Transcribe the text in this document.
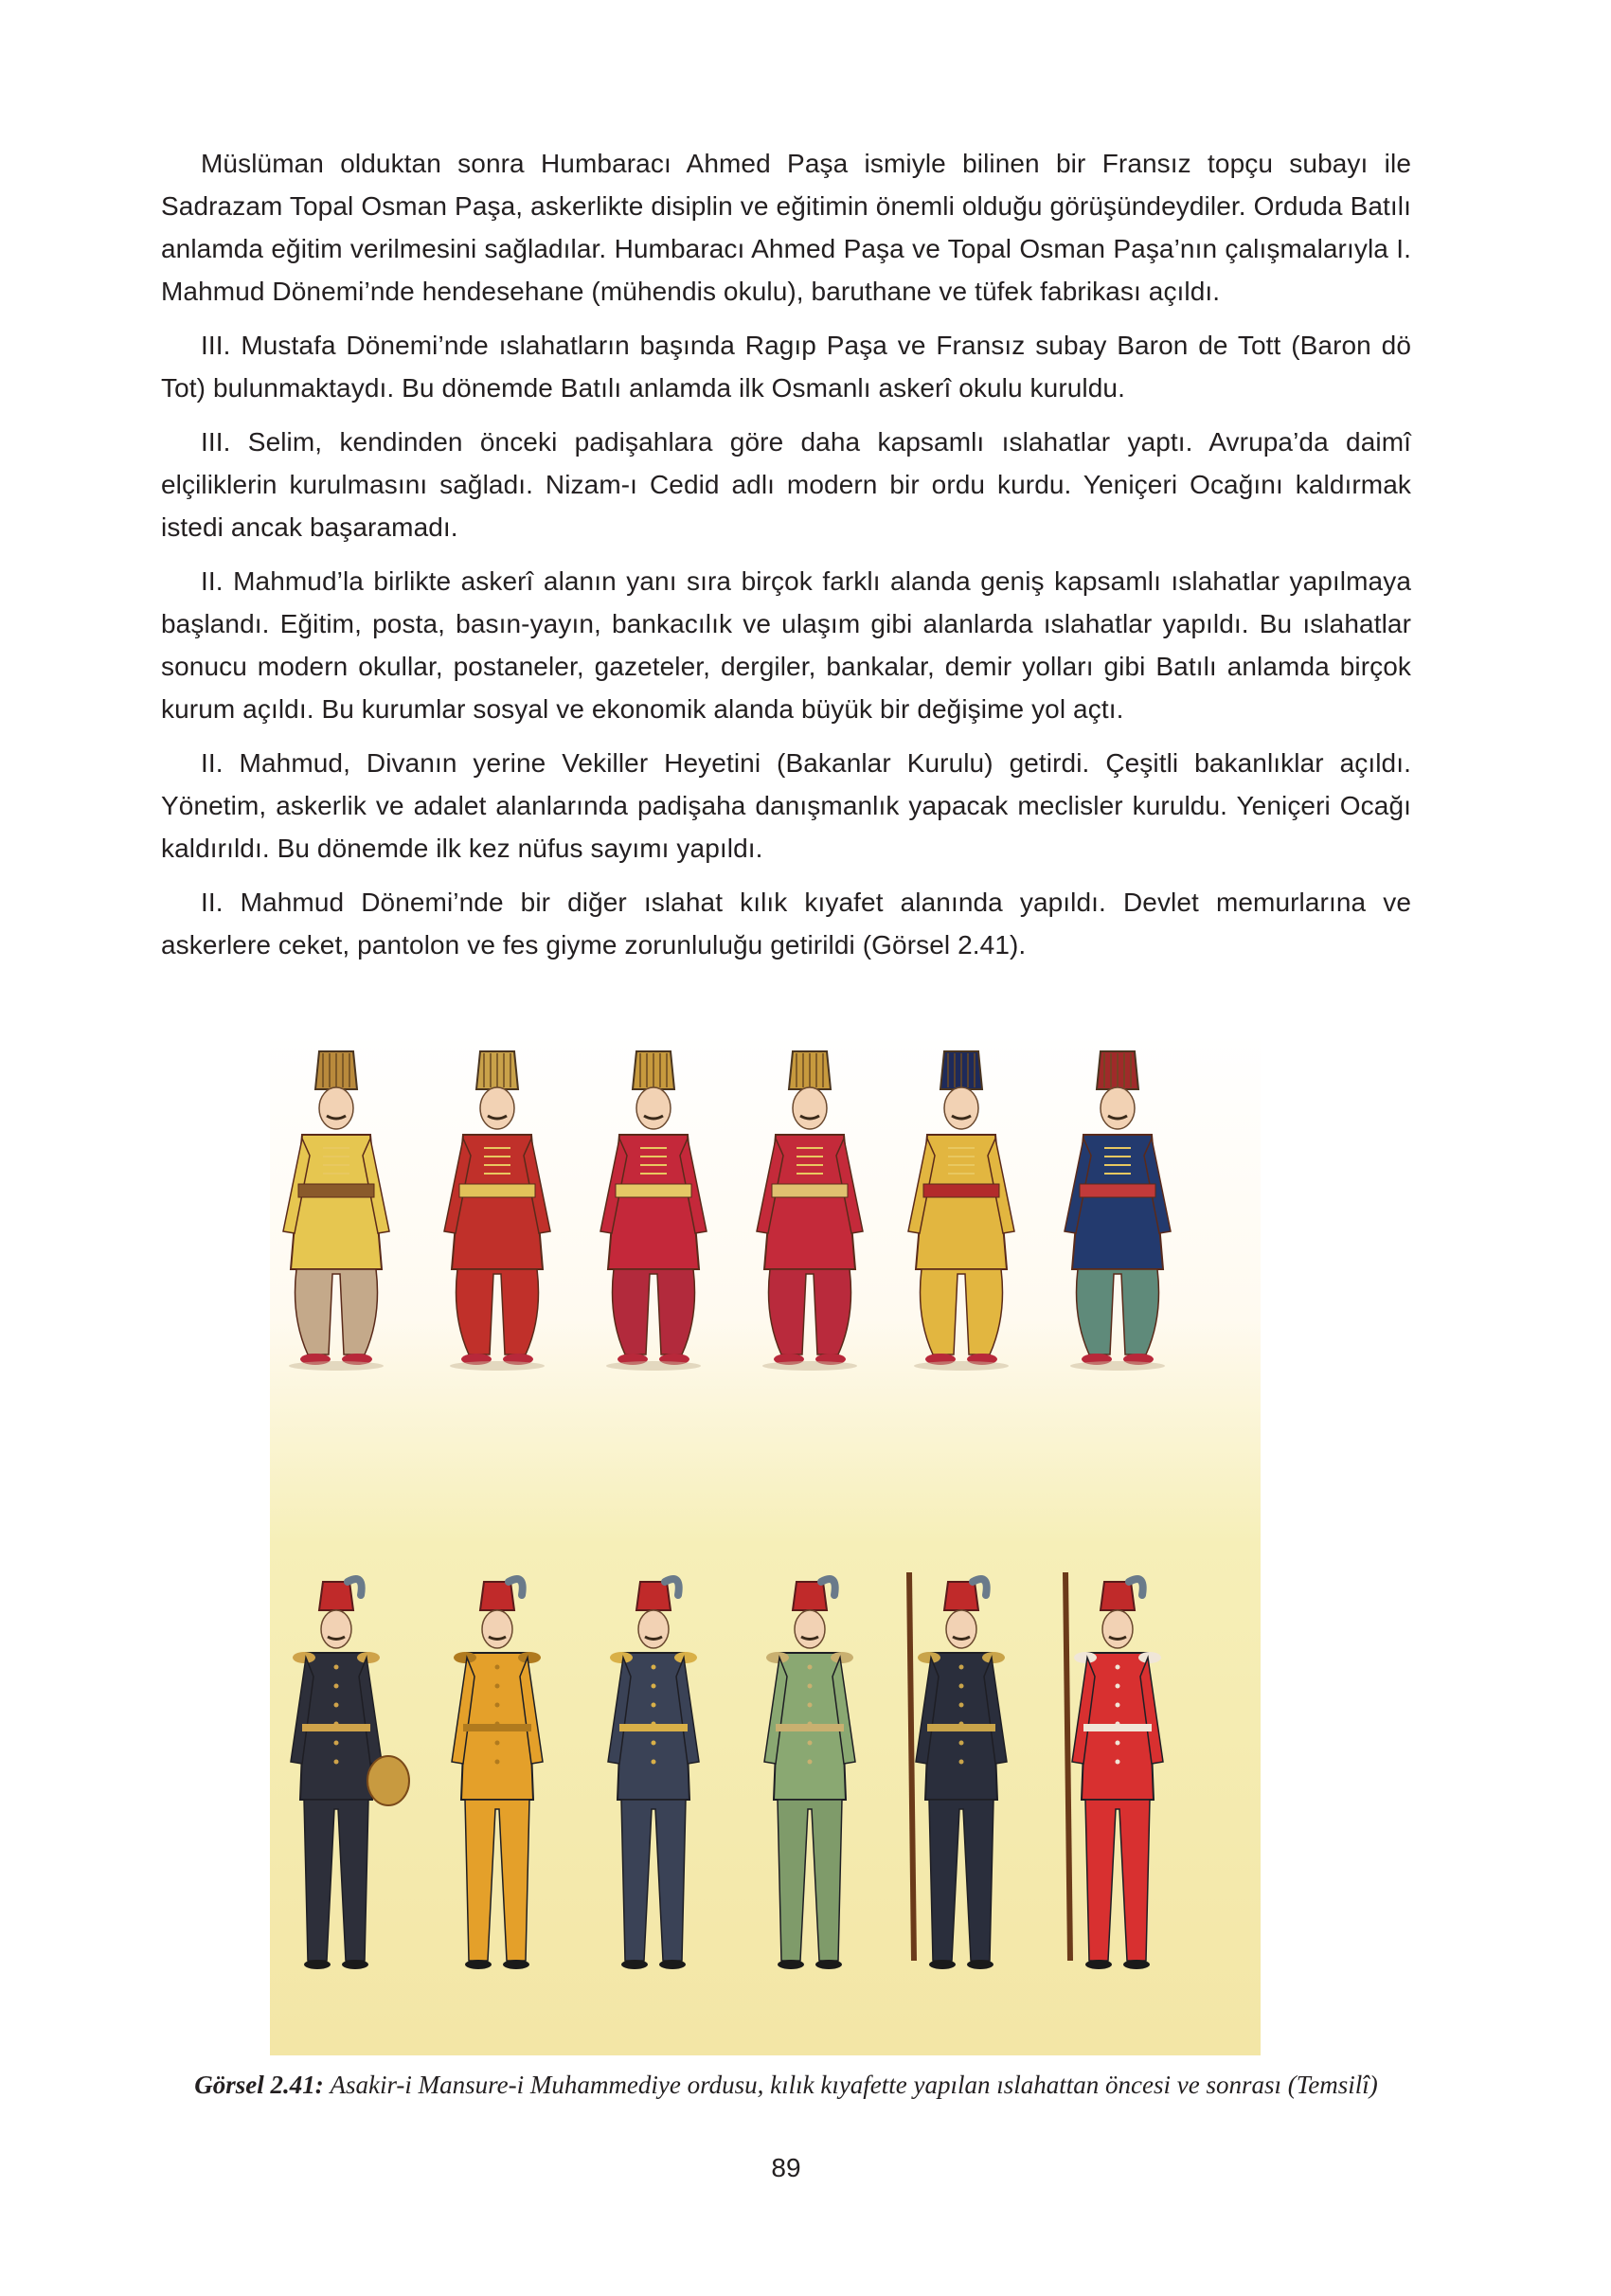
Müslüman olduktan sonra Humbaracı Ahmed Paşa ismiyle bilinen bir Fransız topçu subayı ile Sadrazam Topal Osman Paşa, askerlikte disiplin ve eğitimin önemli olduğu görüşündeydiler. Orduda Batılı anlamda eğitim verilmesini sağladılar. Humbaracı Ahmed Paşa ve Topal Osman Paşa’nın çalışmalarıyla I. Mahmud Dönemi’nde hendesehane (mühendis okulu), baruthane ve tüfek fabrikası açıldı.

III. Mustafa Dönemi’nde ıslahatların başında Ragıp Paşa ve Fransız subay Baron de Tott (Baron dö Tot) bulunmaktaydı. Bu dönemde Batılı anlamda ilk Osmanlı askerî okulu kuruldu.

III. Selim, kendinden önceki padişahlara göre daha kapsamlı ıslahatlar yaptı. Avrupa’da daimî elçiliklerin kurulmasını sağladı. Nizam-ı Cedid adlı modern bir ordu kurdu. Yeniçeri Ocağını kaldırmak istedi ancak başaramadı.

II. Mahmud’la birlikte askerî alanın yanı sıra birçok farklı alanda geniş kapsamlı ıslahatlar yapılmaya başlandı. Eğitim, posta, basın-yayın, bankacılık ve ulaşım gibi alanlarda ıslahatlar yapıldı. Bu ıslahatlar sonucu modern okullar, postaneler, gazeteler, dergiler, bankalar, demir yolları gibi Batılı anlamda birçok kurum açıldı. Bu kurumlar sosyal ve ekonomik alanda büyük bir değişime yol açtı.

II. Mahmud, Divanın yerine Vekiller Heyetini (Bakanlar Kurulu) getirdi. Çeşitli bakanlıklar açıldı. Yönetim, askerlik ve adalet alanlarında padişaha danışmanlık yapacak meclisler kuruldu. Yeniçeri Ocağı kaldırıldı. Bu dönemde ilk kez nüfus sayımı yapıldı.

II. Mahmud Dönemi’nde bir diğer ıslahat kılık kıyafet alanında yapıldı. Devlet memurlarına ve askerlere ceket, pantolon ve fes giyme zorunluluğu getirildi (Görsel 2.41).

Görsel 2.41: Asakir-i Mansure-i Muhammediye ordusu, kılık kıyafette yapılan ıslahattan öncesi ve sonrası (Temsilî)
89
